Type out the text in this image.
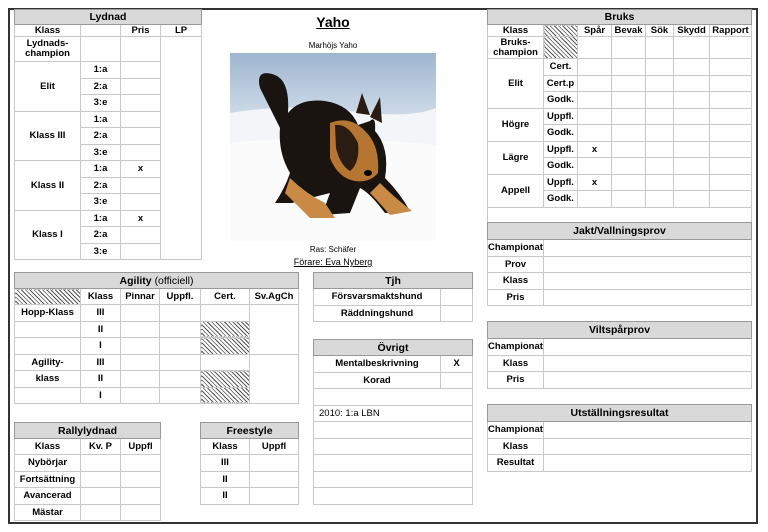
Lydnad			
Klass		Pris	LP
Lydnads-champion			
Elit	1:a		
	2:a		
	3:e		
Klass III	1:a		
	2:a		
	3:e		
Klass II	1:a	x	
	2:a		
	3:e		
Klass I	1:a	x	
	2:a		
	3:e		
Yaho
Marhöjs Yaho
Ras: Schäfer
Förare: Eva Nyberg
Bruks						
Klass		Spår	Bevak	Sök	Skydd	Rapport
Bruks-champion						
Elit	Cert.					
	Cert.p					
	Godk.					
Högre	Uppfl.					
	Godk.					
Lägre	Uppfl.	x				
	Godk.					
Appell	Uppfl.	x				
	Godk.					

Jakt/Vallningsprov	
Championat	
Prov	
Klass	
Pris	
Viltspårprov	
Championat	
Klass	
Pris	
Utställningsresultat	
Championat	
Klass	
Resultat	
Agility (officiell)					
	Klass	Pinnar	Uppfl.	Cert.	Sv.AgCh
Hopp-Klass	III				
	II				
	I				
Agility-	III				
klass	II				
	I				
Tjh	
Försvarsmaktshund	
Räddningshund	
Övrigt	
Mentalbeskrivning	X
Korad	

2010: 1:a LBN	

Rallylydnad		
Klass	Kv. P	Uppfl
Nybörjar		
Fortsättning		
Avancerad		
Mästar		
Freestyle	
Klass	Uppfl
III	
II	
II	
